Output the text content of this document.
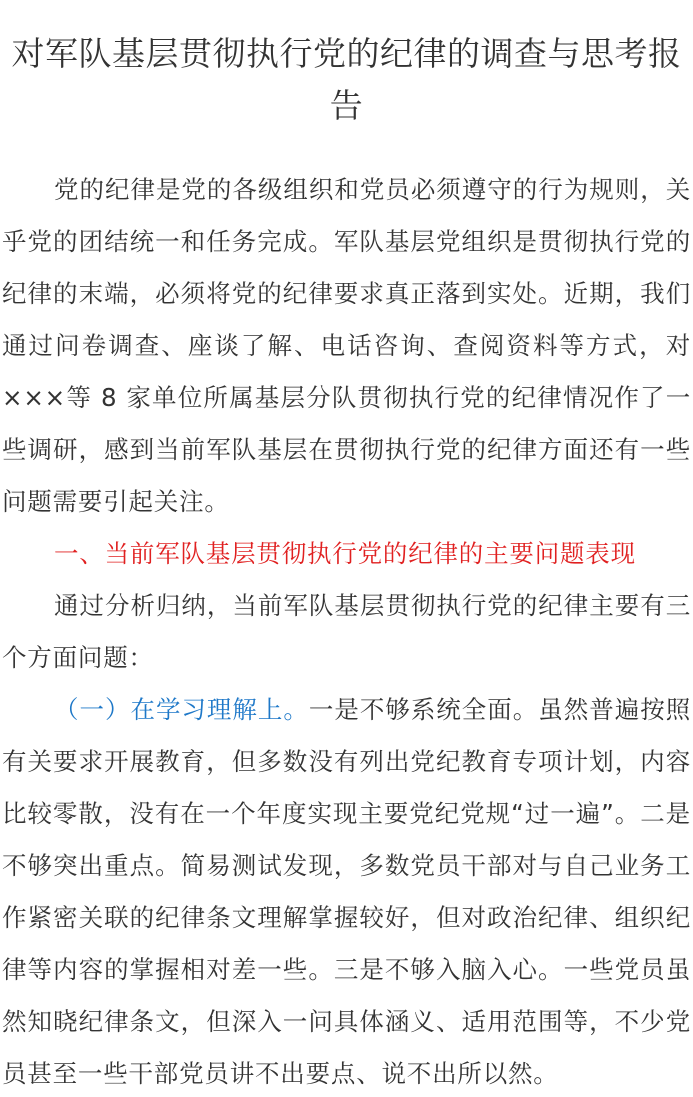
对军队基层贯彻执行党的纪律的调查与思考报告

党的纪律是党的各级组织和党员必须遵守的行为规则，关乎党的团结统一和任务完成。军队基层党组织是贯彻执行党的纪律的末端，必须将党的纪律要求真正落到实处。近期，我们通过问卷调查、座谈了解、电话咨询、查阅资料等方式，对×××等 8 家单位所属基层分队贯彻执行党的纪律情况作了一些调研，感到当前军队基层在贯彻执行党的纪律方面还有一些问题需要引起关注。

一、当前军队基层贯彻执行党的纪律的主要问题表现

通过分析归纳，当前军队基层贯彻执行党的纪律主要有三个方面问题：

（一）在学习理解上。一是不够系统全面。虽然普遍按照有关要求开展教育，但多数没有列出党纪教育专项计划，内容比较零散，没有在一个年度实现主要党纪党规“过一遍”。二是不够突出重点。简易测试发现，多数党员干部对与自己业务工作紧密关联的纪律条文理解掌握较好，但对政治纪律、组织纪律等内容的掌握相对差一些。三是不够入脑入心。一些党员虽然知晓纪律条文，但深入一问具体涵义、适用范围等，不少党员甚至一些干部党员讲不出要点、说不出所以然。
